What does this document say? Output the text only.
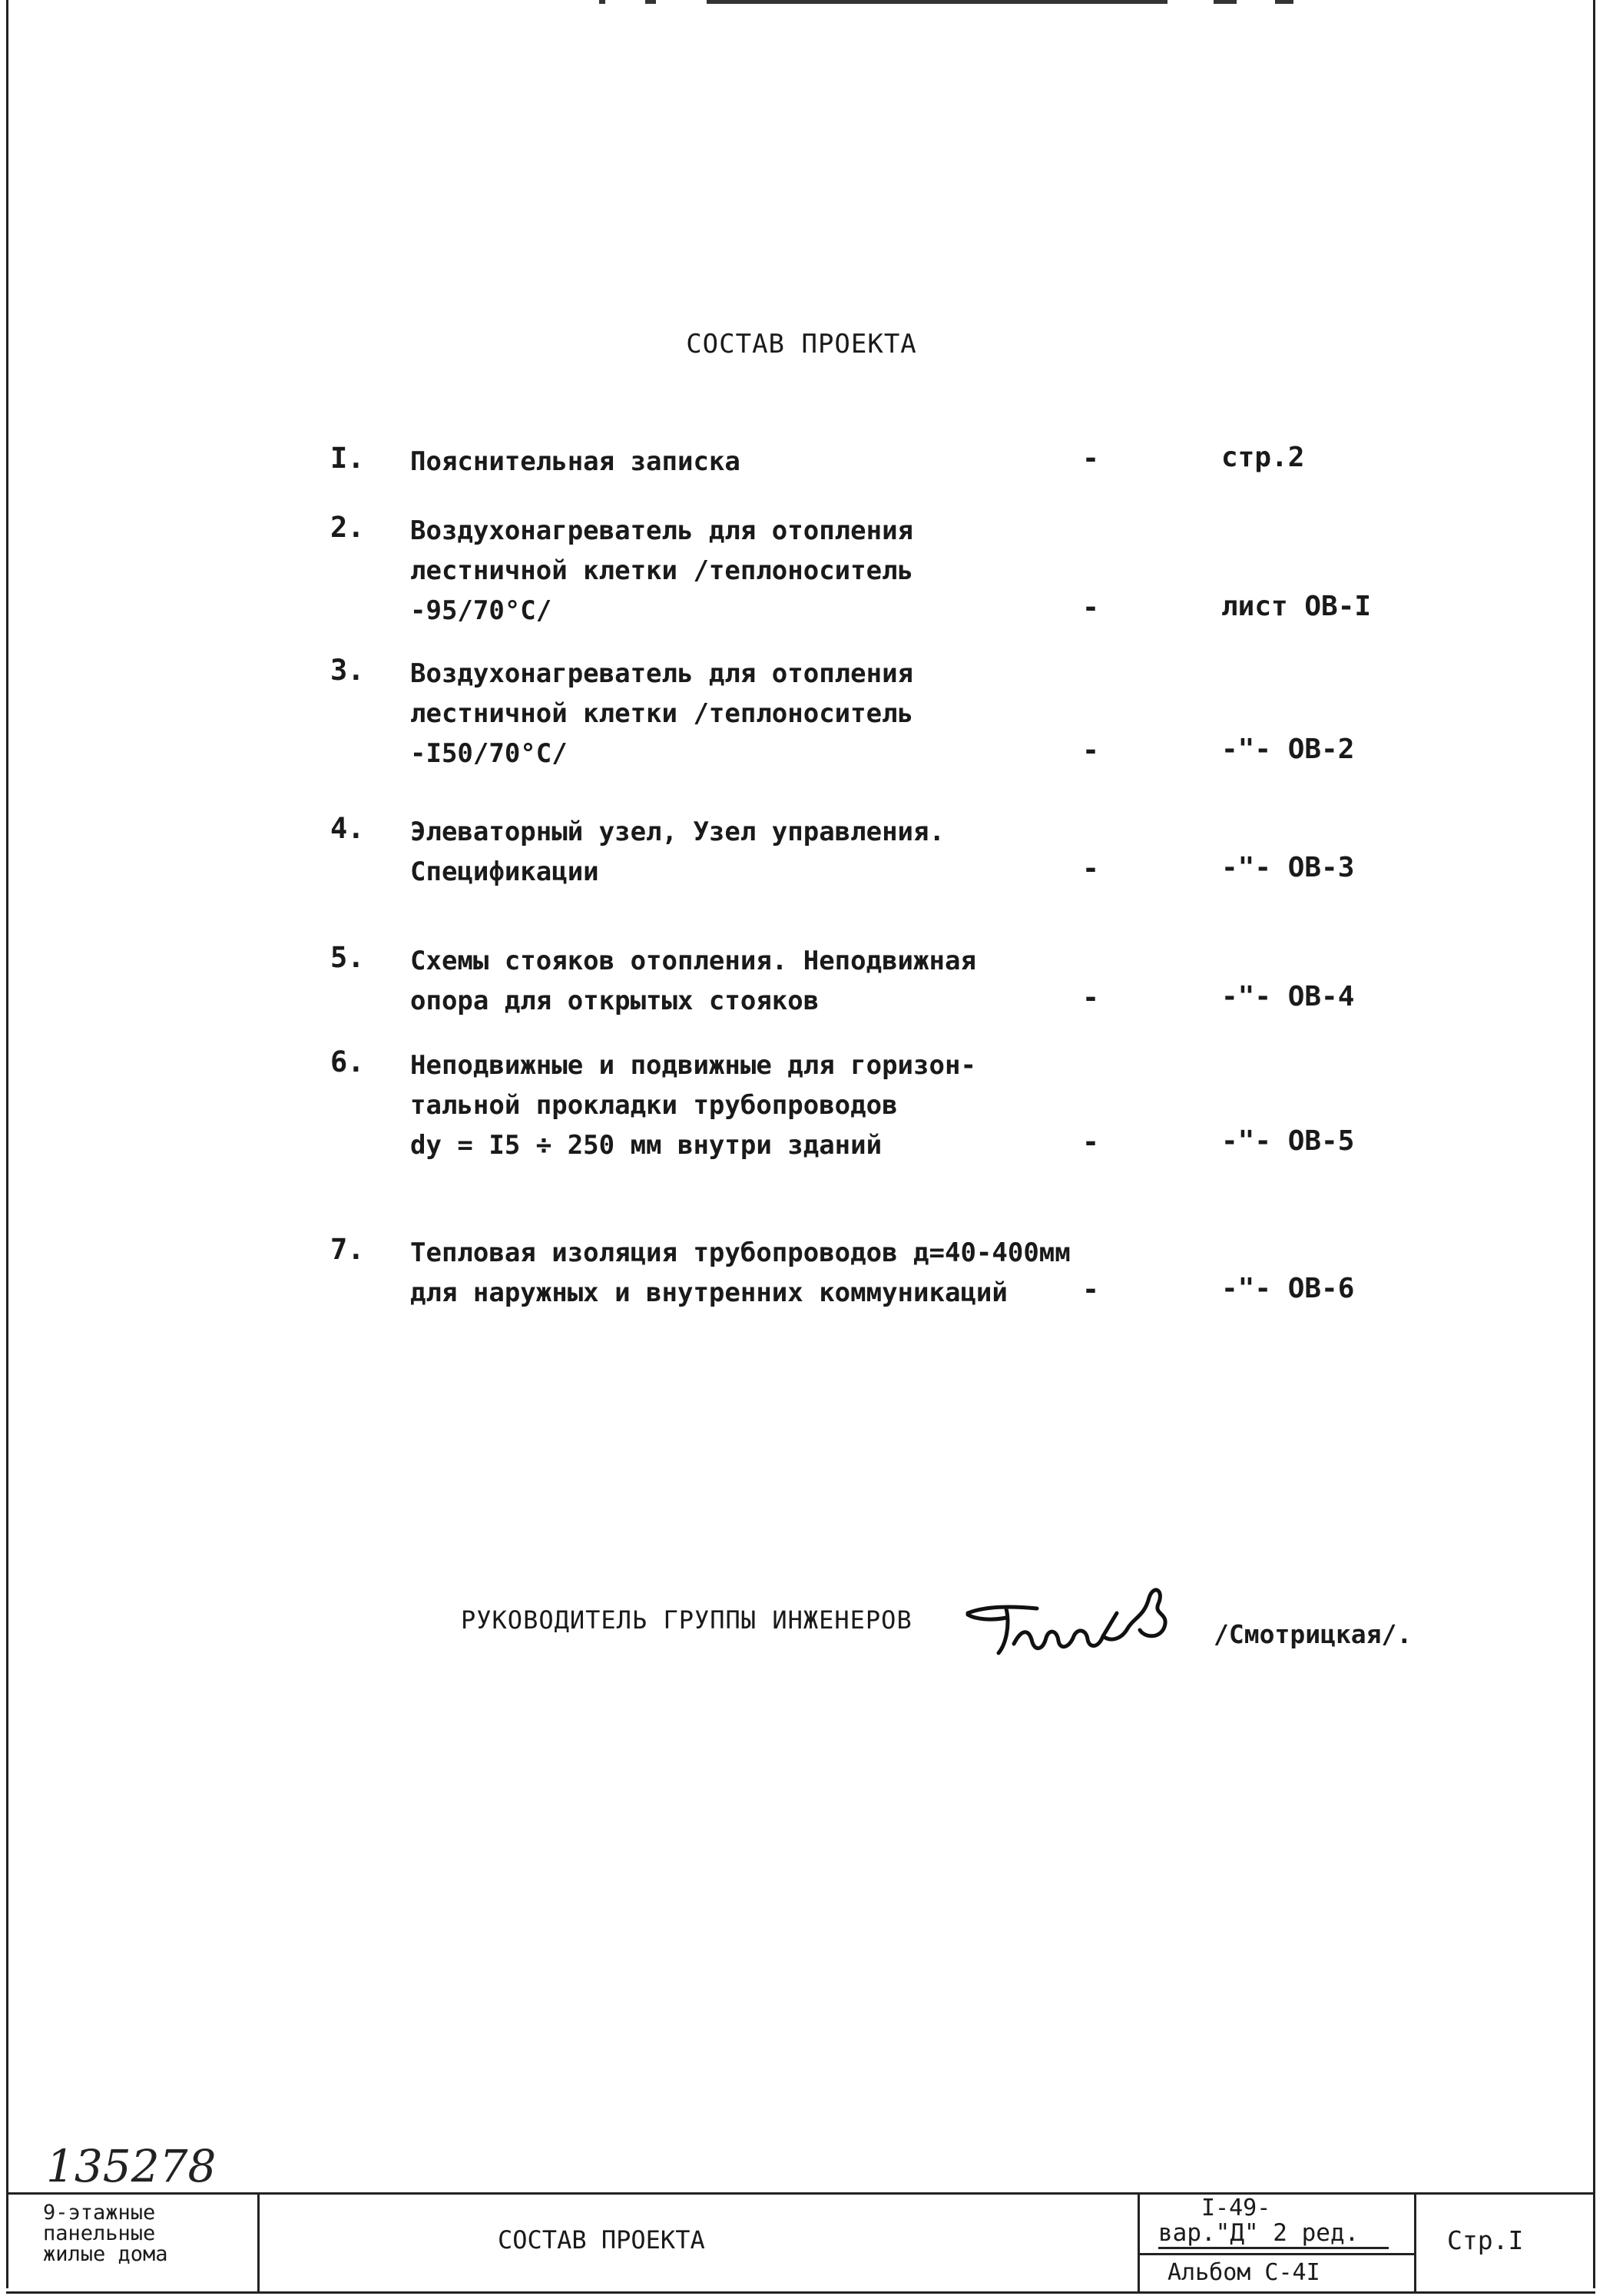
СОСТАВ ПРОЕКТА
I.	Пояснительная записка	-	стр.2
2.	Воздухонагреватель для отопления
лестничной клетки /теплоноситель
-95/70°C/	-	лист ОВ-I
3.	Воздухонагреватель для отопления
лестничной клетки /теплоноситель
-I50/70°C/	-	-"- ОВ-2
4.	Элеваторный узел, Узел управления.
Спецификации	-	-"- ОВ-3
5.	Схемы стояков отопления. Неподвижная
опора для открытых стояков	-	-"- ОВ-4
6.	Неподвижные и подвижные для горизон-
тальной прокладки трубопроводов
dу = I5 ÷ 250 мм внутри зданий	-	-"- ОВ-5
7.	Тепловая изоляция трубопроводов д=40-400мм
для наружных и внутренних коммуникаций	-	-"- ОВ-6
РУКОВОДИТЕЛЬ ГРУППЫ ИНЖЕНЕРОВ	/Смотрицкая/.
135278
9-этажные
панельные
жилые дома	СОСТАВ ПРОЕКТА
I-49-
вар."Д" 2 ред.
Альбом С-4I
Стр.I
